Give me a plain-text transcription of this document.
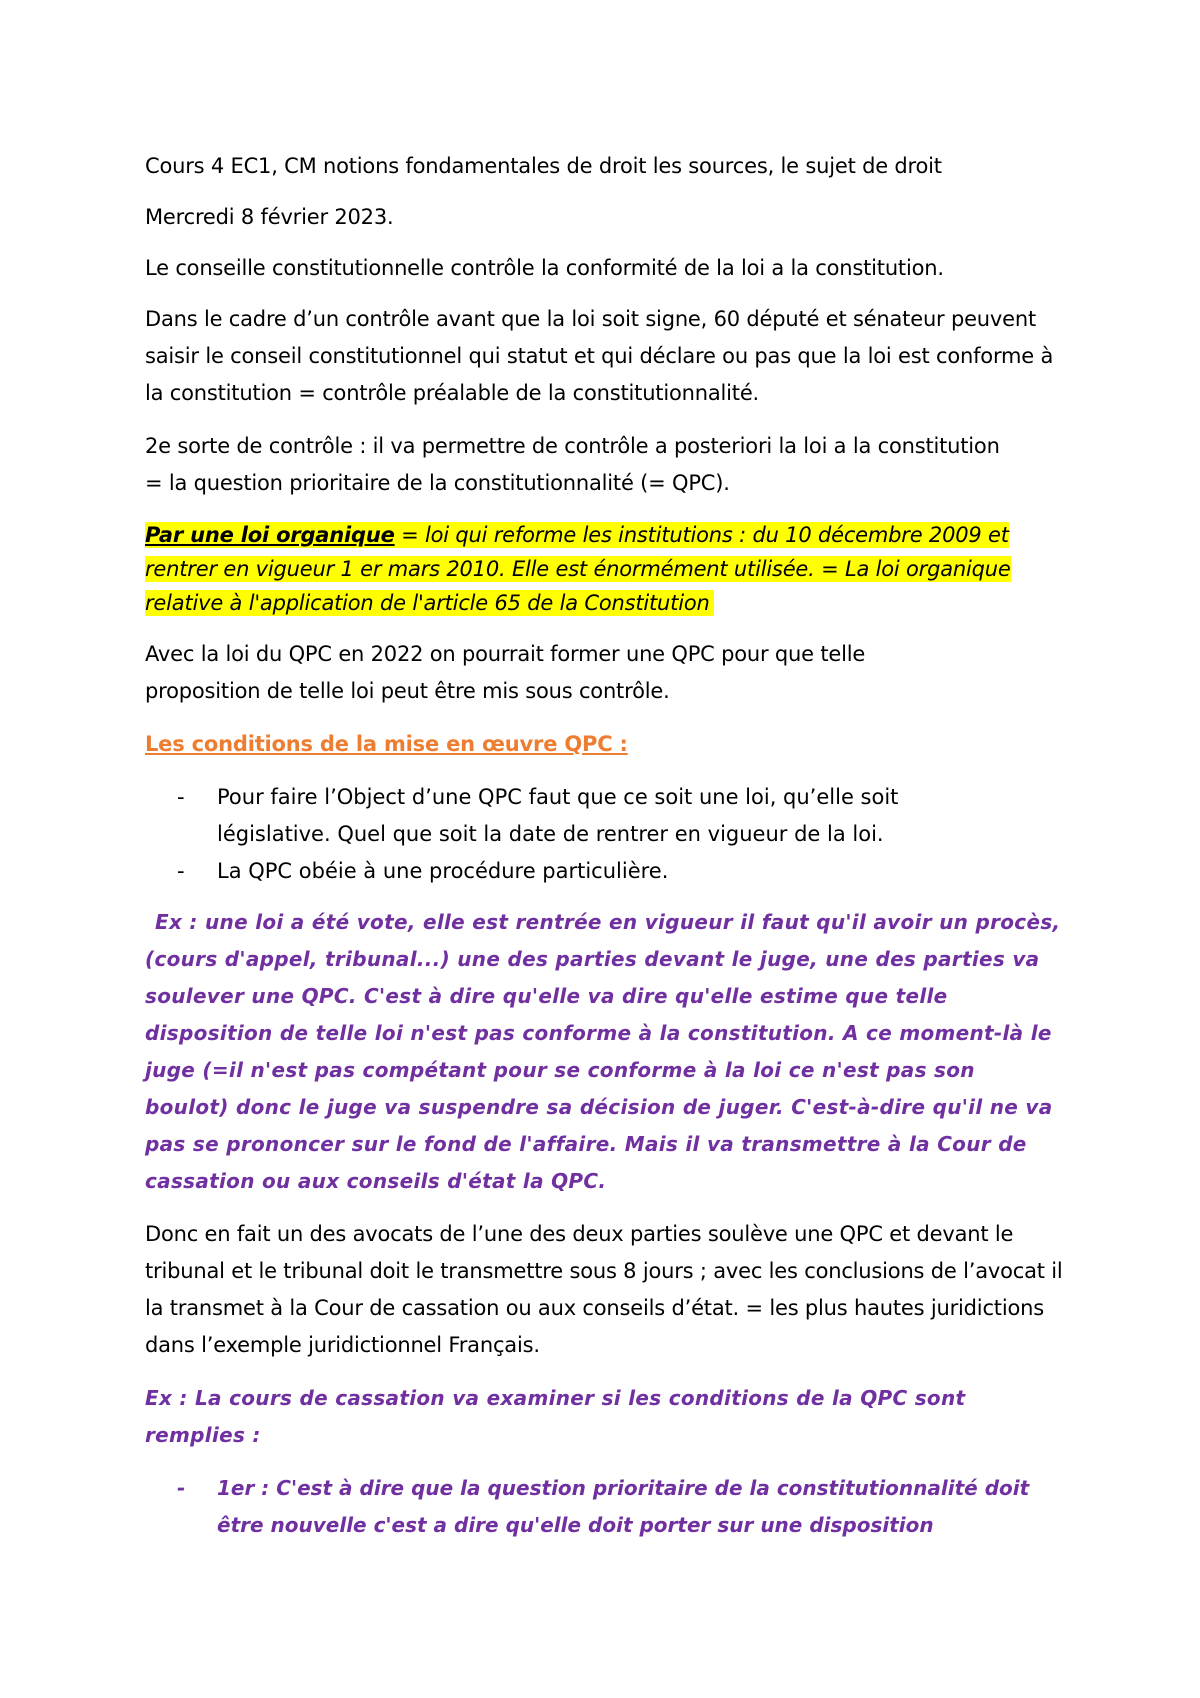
Cours 4 EC1, CM notions fondamentales de droit les sources, le sujet de droit

Mercredi 8 février 2023.

Le conseille constitutionnelle contrôle la conformité de la loi a la constitution.

Dans le cadre d’un contrôle avant que la loi soit signe, 60 député et sénateur peuvent saisir le conseil constitutionnel qui statut et qui déclare ou pas que la loi est conforme à la constitution = contrôle préalable de la constitutionnalité.

2e sorte de contrôle : il va permettre de contrôle a posteriori la loi a la constitution = la question prioritaire de la constitutionnalité (= QPC).

Par une loi organique = loi qui reforme les institutions : du 10 décembre 2009 et rentrer en vigueur 1 er mars 2010. Elle est énormément utilisée. = La loi organique relative à l'application de l'article 65 de la Constitution

Avec la loi du QPC en 2022 on pourrait former une QPC pour que telle proposition de telle loi peut être mis sous contrôle.

Les conditions de la mise en œuvre QPC :

- Pour faire l’Object d’une QPC faut que ce soit une loi, qu’elle soit législative. Quel que soit la date de rentrer en vigueur de la loi.
- La QPC obéie à une procédure particulière.

Ex : une loi a été vote, elle est rentrée en vigueur il faut qu'il avoir un procès, (cours d'appel, tribunal...) une des parties devant le juge, une des parties va soulever une QPC. C'est à dire qu'elle va dire qu'elle estime que telle disposition de telle loi n'est pas conforme à la constitution. A ce moment-là le juge (=il n'est pas compétant pour se conforme à la loi ce n'est pas son boulot) donc le juge va suspendre sa décision de juger. C'est-à-dire qu'il ne va pas se prononcer sur le fond de l'affaire. Mais il va transmettre à la Cour de cassation ou aux conseils d'état la QPC.

Donc en fait un des avocats de l’une des deux parties soulève une QPC et devant le tribunal et le tribunal doit le transmettre sous 8 jours ; avec les conclusions de l’avocat il la transmet à la Cour de cassation ou aux conseils d’état. = les plus hautes juridictions dans l’exemple juridictionnel Français.

Ex : La cours de cassation va examiner si les conditions de la QPC sont remplies :

- 1er : C'est à dire que la question prioritaire de la constitutionnalité doit être nouvelle c'est a dire qu'elle doit porter sur une disposition
